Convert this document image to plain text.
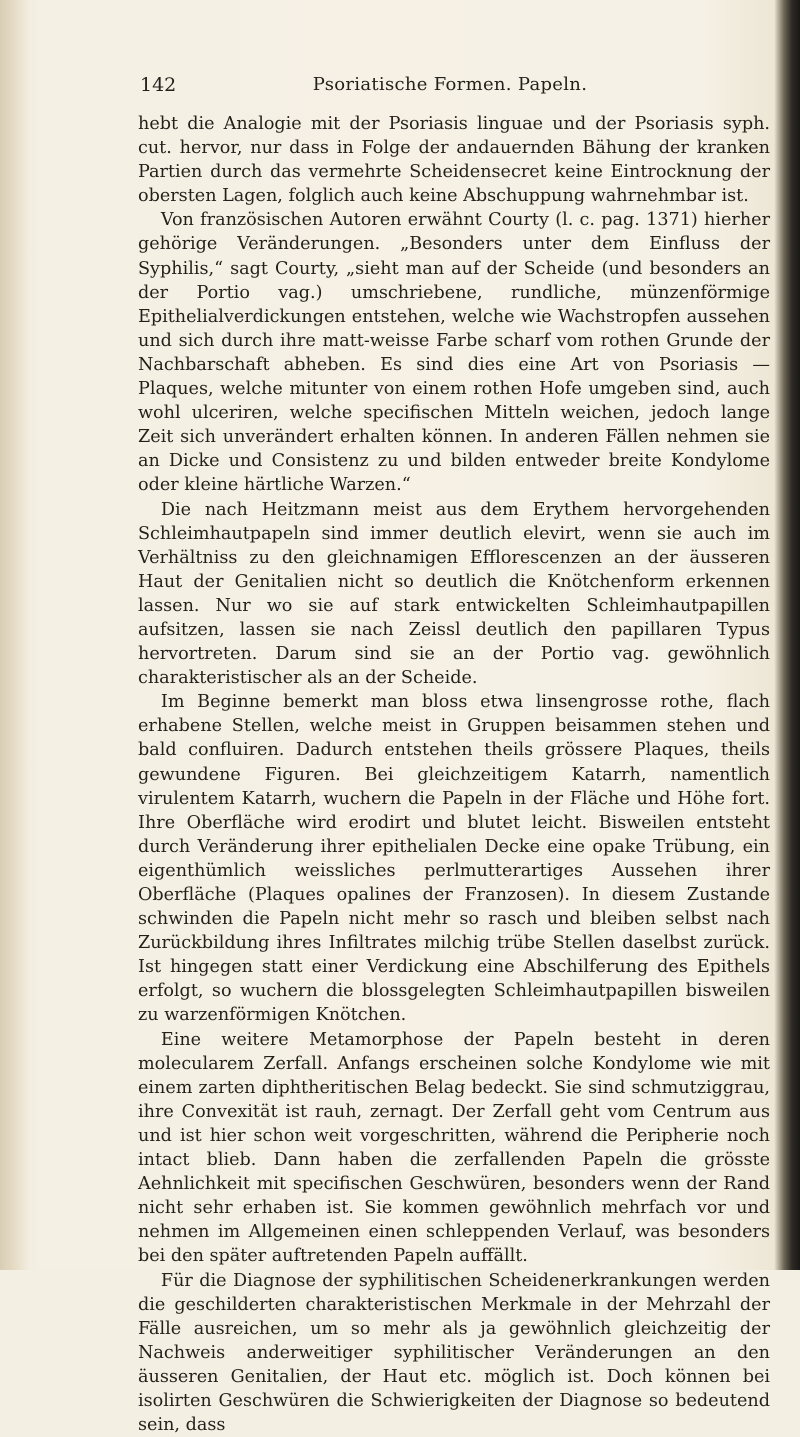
142	Psoriatische Formen. Papeln.

hebt die Analogie mit der Psoriasis linguae und der Psoriasis syph. cut. hervor, nur dass in Folge der andauernden Bähung der kranken Partien durch das vermehrte Scheidensecret keine Eintrocknung der obersten Lagen, folglich auch keine Abschuppung wahrnehmbar ist.

Von französischen Autoren erwähnt Courty (l. c. pag. 1371) hierher gehörige Veränderungen. „Besonders unter dem Einfluss der Syphilis,“ sagt Courty, „sieht man auf der Scheide (und besonders an der Portio vag.) umschriebene, rundliche, münzenförmige Epithelialverdickungen entstehen, welche wie Wachstropfen aussehen und sich durch ihre matt-weisse Farbe scharf vom rothen Grunde der Nachbarschaft abheben. Es sind dies eine Art von Psoriasis — Plaques, welche mitunter von einem rothen Hofe umgeben sind, auch wohl ulceriren, welche specifischen Mitteln weichen, jedoch lange Zeit sich unverändert erhalten können. In anderen Fällen nehmen sie an Dicke und Consistenz zu und bilden entweder breite Kondylome oder kleine härtliche Warzen.“

Die nach Heitzmann meist aus dem Erythem hervorgehenden Schleimhautpapeln sind immer deutlich elevirt, wenn sie auch im Verhältniss zu den gleichnamigen Efflorescenzen an der äusseren Haut der Genitalien nicht so deutlich die Knötchenform erkennen lassen. Nur wo sie auf stark entwickelten Schleimhautpapillen aufsitzen, lassen sie nach Zeissl deutlich den papillaren Typus hervortreten. Darum sind sie an der Portio vag. gewöhnlich charakteristischer als an der Scheide.

Im Beginne bemerkt man bloss etwa linsengrosse rothe, flach erhabene Stellen, welche meist in Gruppen beisammen stehen und bald confluiren. Dadurch entstehen theils grössere Plaques, theils gewundene Figuren. Bei gleichzeitigem Katarrh, namentlich virulentem Katarrh, wuchern die Papeln in der Fläche und Höhe fort. Ihre Oberfläche wird erodirt und blutet leicht. Bisweilen entsteht durch Veränderung ihrer epithelialen Decke eine opake Trübung, ein eigenthümlich weissliches perlmutterartiges Aussehen ihrer Oberfläche (Plaques opalines der Franzosen). In diesem Zustande schwinden die Papeln nicht mehr so rasch und bleiben selbst nach Zurückbildung ihres Infiltrates milchig trübe Stellen daselbst zurück. Ist hingegen statt einer Verdickung eine Abschilferung des Epithels erfolgt, so wuchern die blossgelegten Schleimhautpapillen bisweilen zu warzenförmigen Knötchen.

Eine weitere Metamorphose der Papeln besteht in deren molecularem Zerfall. Anfangs erscheinen solche Kondylome wie mit einem zarten diphtheritischen Belag bedeckt. Sie sind schmutziggrau, ihre Convexität ist rauh, zernagt. Der Zerfall geht vom Centrum aus und ist hier schon weit vorgeschritten, während die Peripherie noch intact blieb. Dann haben die zerfallenden Papeln die grösste Aehnlichkeit mit specifischen Geschwüren, besonders wenn der Rand nicht sehr erhaben ist. Sie kommen gewöhnlich mehrfach vor und nehmen im Allgemeinen einen schleppenden Verlauf, was besonders bei den später auftretenden Papeln auffällt.

Für die Diagnose der syphilitischen Scheidenerkrankungen werden die geschilderten charakteristischen Merkmale in der Mehrzahl der Fälle ausreichen, um so mehr als ja gewöhnlich gleichzeitig der Nachweis anderweitiger syphilitischer Veränderungen an den äusseren Genitalien, der Haut etc. möglich ist. Doch können bei isolirten Geschwüren die Schwierigkeiten der Diagnose so bedeutend sein, dass
